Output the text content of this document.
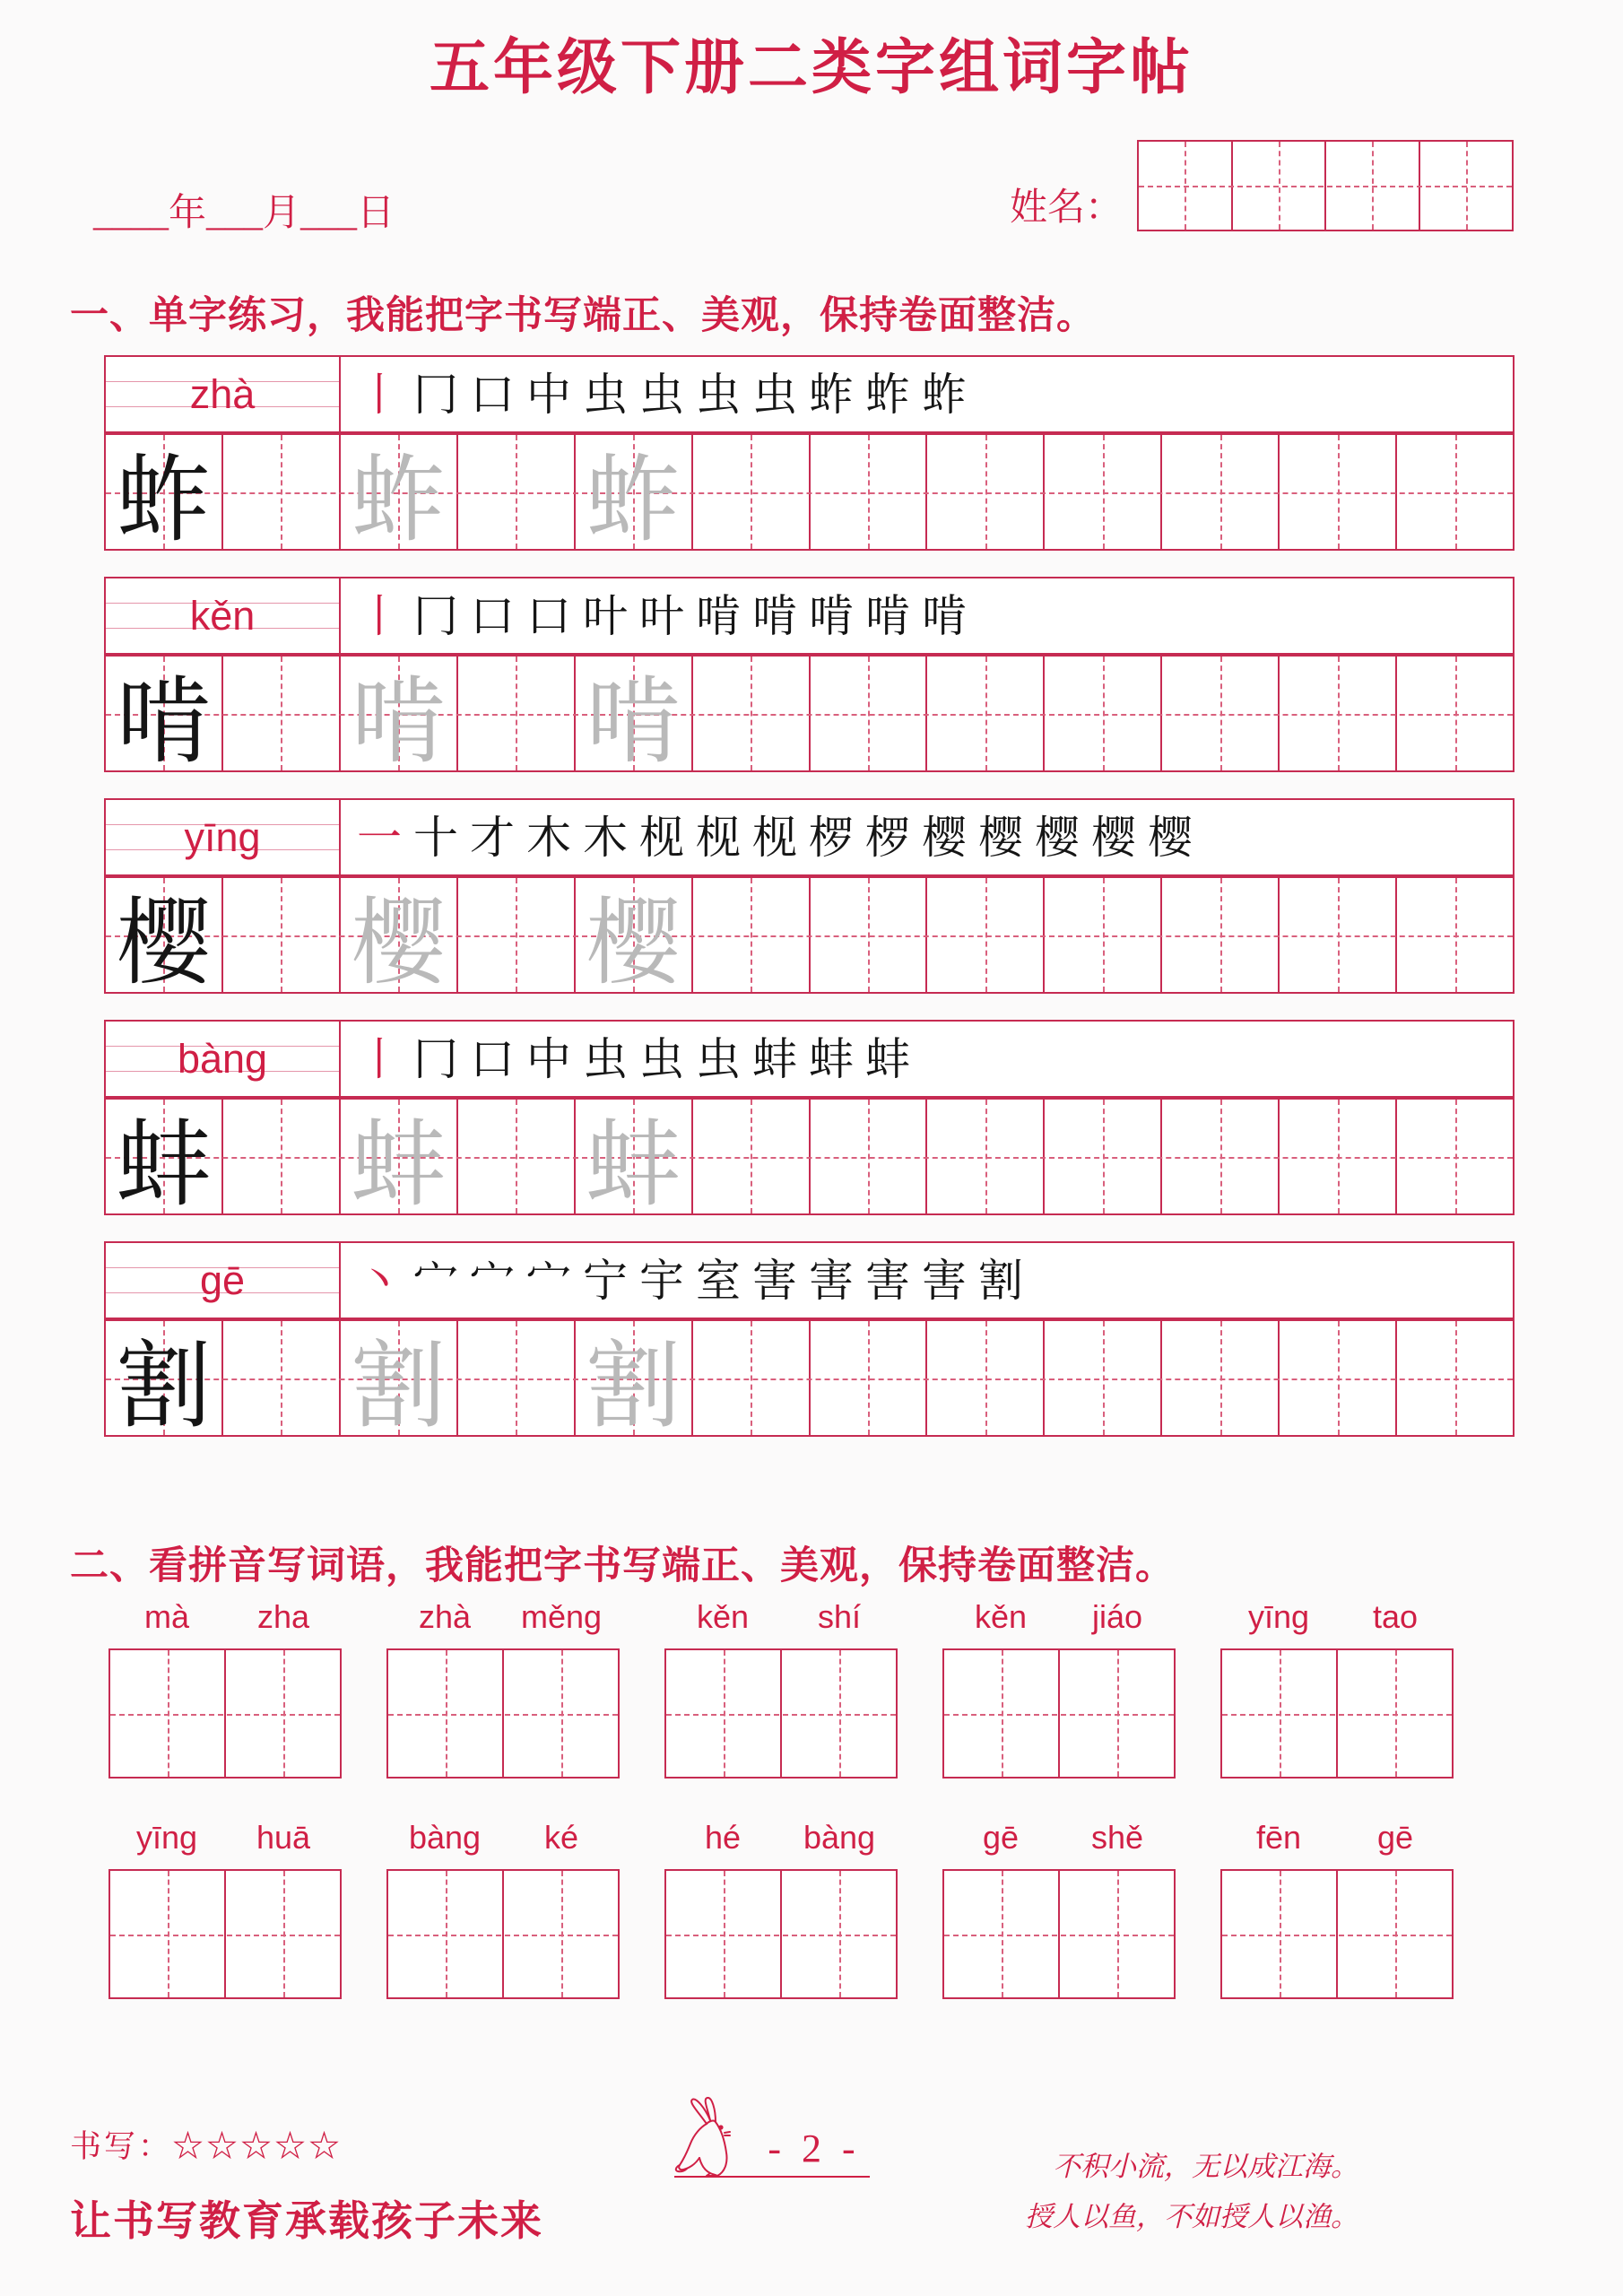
五年级下册二类字组词字帖
____年___月___日	姓名：
一、单字练习，我能把字书写端正、美观，保持卷面整洁。
zhà 丨 冂 口 中 虫 虫 虫 虫 蚱 蚱 蚱
蚱 蚱 蚱
kěn 丨 冂 口 口 叶 叶 啃 啃 啃 啃 啃
啃 啃 啃
yīng 一 十 才 木 木 枧 枧 枧 椤 椤 樱 樱 樱 樱 樱
樱 樱 樱
bàng 丨 冂 口 中 虫 虫 虫 蚌 蚌 蚌
蚌 蚌 蚌
gē 丶 宀 宀 宀 宁 宇 室 害 害 害 害 割
割 割 割
二、看拼音写词语，我能把字书写端正、美观，保持卷面整洁。
mà	zha	zhà	měng	kěn	shí	kěn	jiáo	yīng	tao
yīng	huā	bàng	ké	hé	bàng	gē	shě	fēn	gē
书写：☆☆☆☆☆
让书写教育承载孩子未来
- 2 -	不积小流，无以成江海。
授人以鱼，不如授人以渔。
